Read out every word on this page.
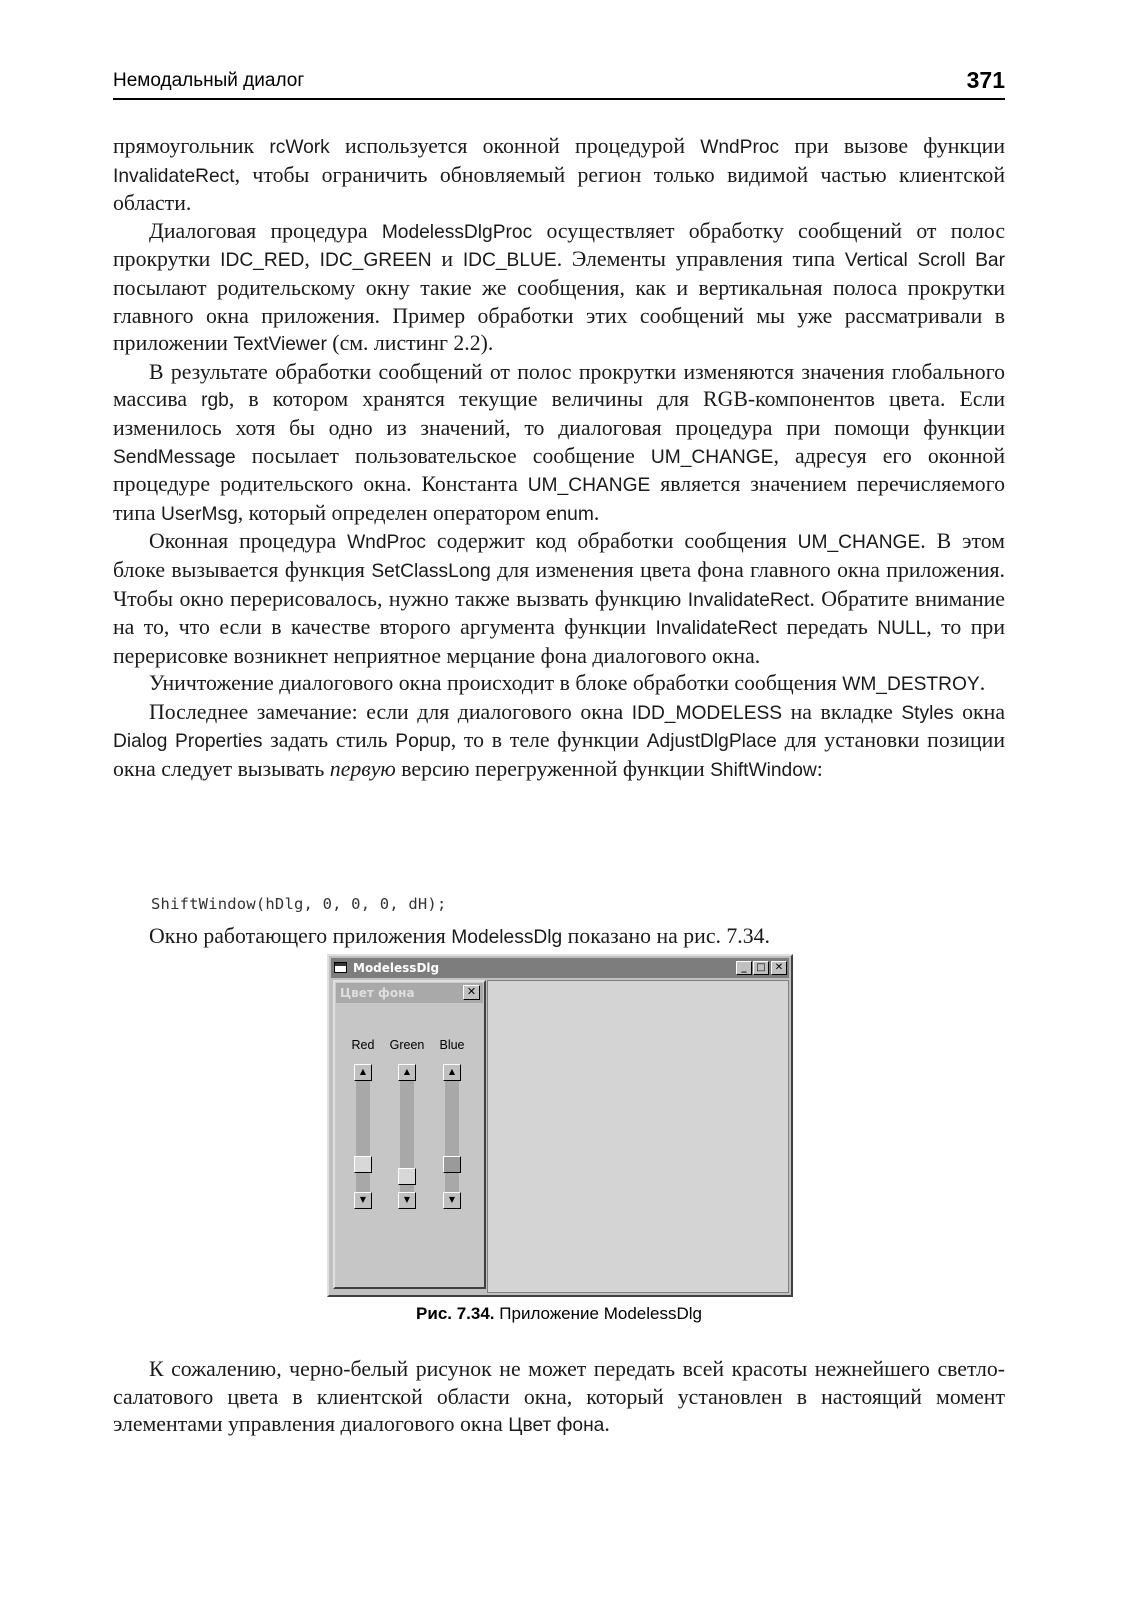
Немодальный диалог	371

прямоугольник rcWork используется оконной процедурой WndProc при вызове функции InvalidateRect, чтобы ограничить обновляемый регион только видимой частью клиентской области.

Диалоговая процедура ModelessDlgProc осуществляет обработку сообщений от полос прокрутки IDC_RED, IDC_GREEN и IDC_BLUE. Элементы управления типа Vertical Scroll Bar посылают родительскому окну такие же сообщения, как и вертикальная полоса прокрутки главного окна приложения. Пример обработки этих сообщений мы уже рассматривали в приложении TextViewer (см. листинг 2.2).

В результате обработки сообщений от полос прокрутки изменяются значения глобального массива rgb, в котором хранятся текущие величины для RGB-компонентов цвета. Если изменилось хотя бы одно из значений, то диалоговая процедура при помощи функции SendMessage посылает пользовательское сообщение UM_CHANGE, адресуя его оконной процедуре родительского окна. Константа UM_CHANGE является значением перечисляемого типа UserMsg, который определен оператором enum.

Оконная процедура WndProc содержит код обработки сообщения UM_CHANGE. В этом блоке вызывается функция SetClassLong для изменения цвета фона главного окна приложения. Чтобы окно перерисовалось, нужно также вызвать функцию InvalidateRect. Обратите внимание на то, что если в качестве второго аргумента функции InvalidateRect передать NULL, то при перерисовке возникнет неприятное мерцание фона диалогового окна.

Уничтожение диалогового окна происходит в блоке обработки сообщения WM_DESTROY.

Последнее замечание: если для диалогового окна IDD_MODELESS на вкладке Styles окна Dialog Properties задать стиль Popup, то в теле функции AdjustDlgPlace для установки позиции окна следует вызывать первую версию перегруженной функции ShiftWindow:

ShiftWindow(hDlg, 0, 0, 0, dH);
Окно работающего приложения ModelessDlg показано на рис. 7.34.
ModelessDlg	_ □ ✕
Цвет фона	✕
Red	Green	Blue
▲
▼
▲
▼
▲
▼
Рис. 7.34. Приложение ModelessDlg

К сожалению, черно-белый рисунок не может передать всей красоты нежнейшего светло-салатового цвета в клиентской области окна, который установлен в настоящий момент элементами управления диалогового окна Цвет фона.
